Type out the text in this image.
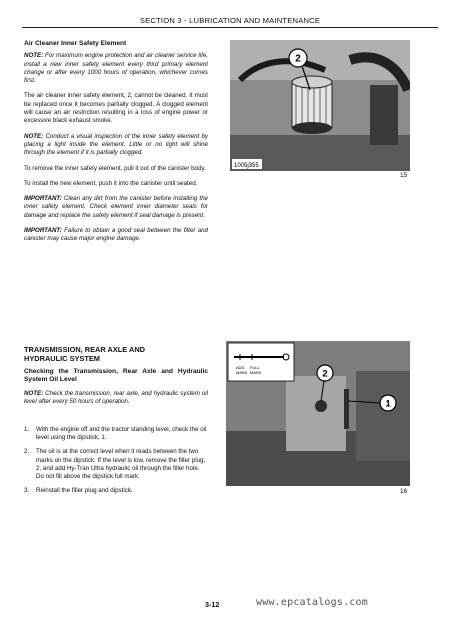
SECTION 3 - LUBRICATION AND MAINTENANCE

Air Cleaner Inner Safety Element

NOTE: For maximum engine protection and air cleaner service life, install a new inner safety element every third primary element change or after every 1000 hours of operation, whichever comes first.

The air cleaner inner safety element, 2, cannot be cleaned. It must be replaced once it becomes partially clogged. A clogged element will cause an air restriction resulting in a loss of engine power or excessive black exhaust smoke.

NOTE: Conduct a visual inspection of the inner safety element by placing a light inside the element. Little or no light will shine through the element if it is partially clogged.

To remove the inner safety element, pull it out of the canister body.

To install the new element, push it into the canister until seated.

IMPORTANT: Clean any dirt from the canister before installing the inner safety element. Check element inner diameter seals for damage and replace the safety element if seal damage is present.

IMPORTANT: Failure to obtain a good seal between the filter and canister may cause major engine damage.

TRANSMISSION, REAR AXLE AND

HYDRAULIC SYSTEM

Checking the Transmission, Rear Axle and Hydraulic System Oil Level

NOTE: Check the transmission, rear axle, and hydraulic system oil level after every 50 hours of operation.

1. With the engine off and the tractor standing level, check the oil level using the dipstick, 1.
2. The oil is at the correct level when it reads between the two marks on the dipstick. If the level is low, remove the filler plug, 2, and add Hy-Tran Ultra hydraulic oil through the filler hole. Do not fill above the dipstick full mark.
3. Reinstall the filler plug and dipstick.
2
1005j355
15
ADD
MARK
FULL
MARK	2
1
16
3-12	www.epcatalogs.com
